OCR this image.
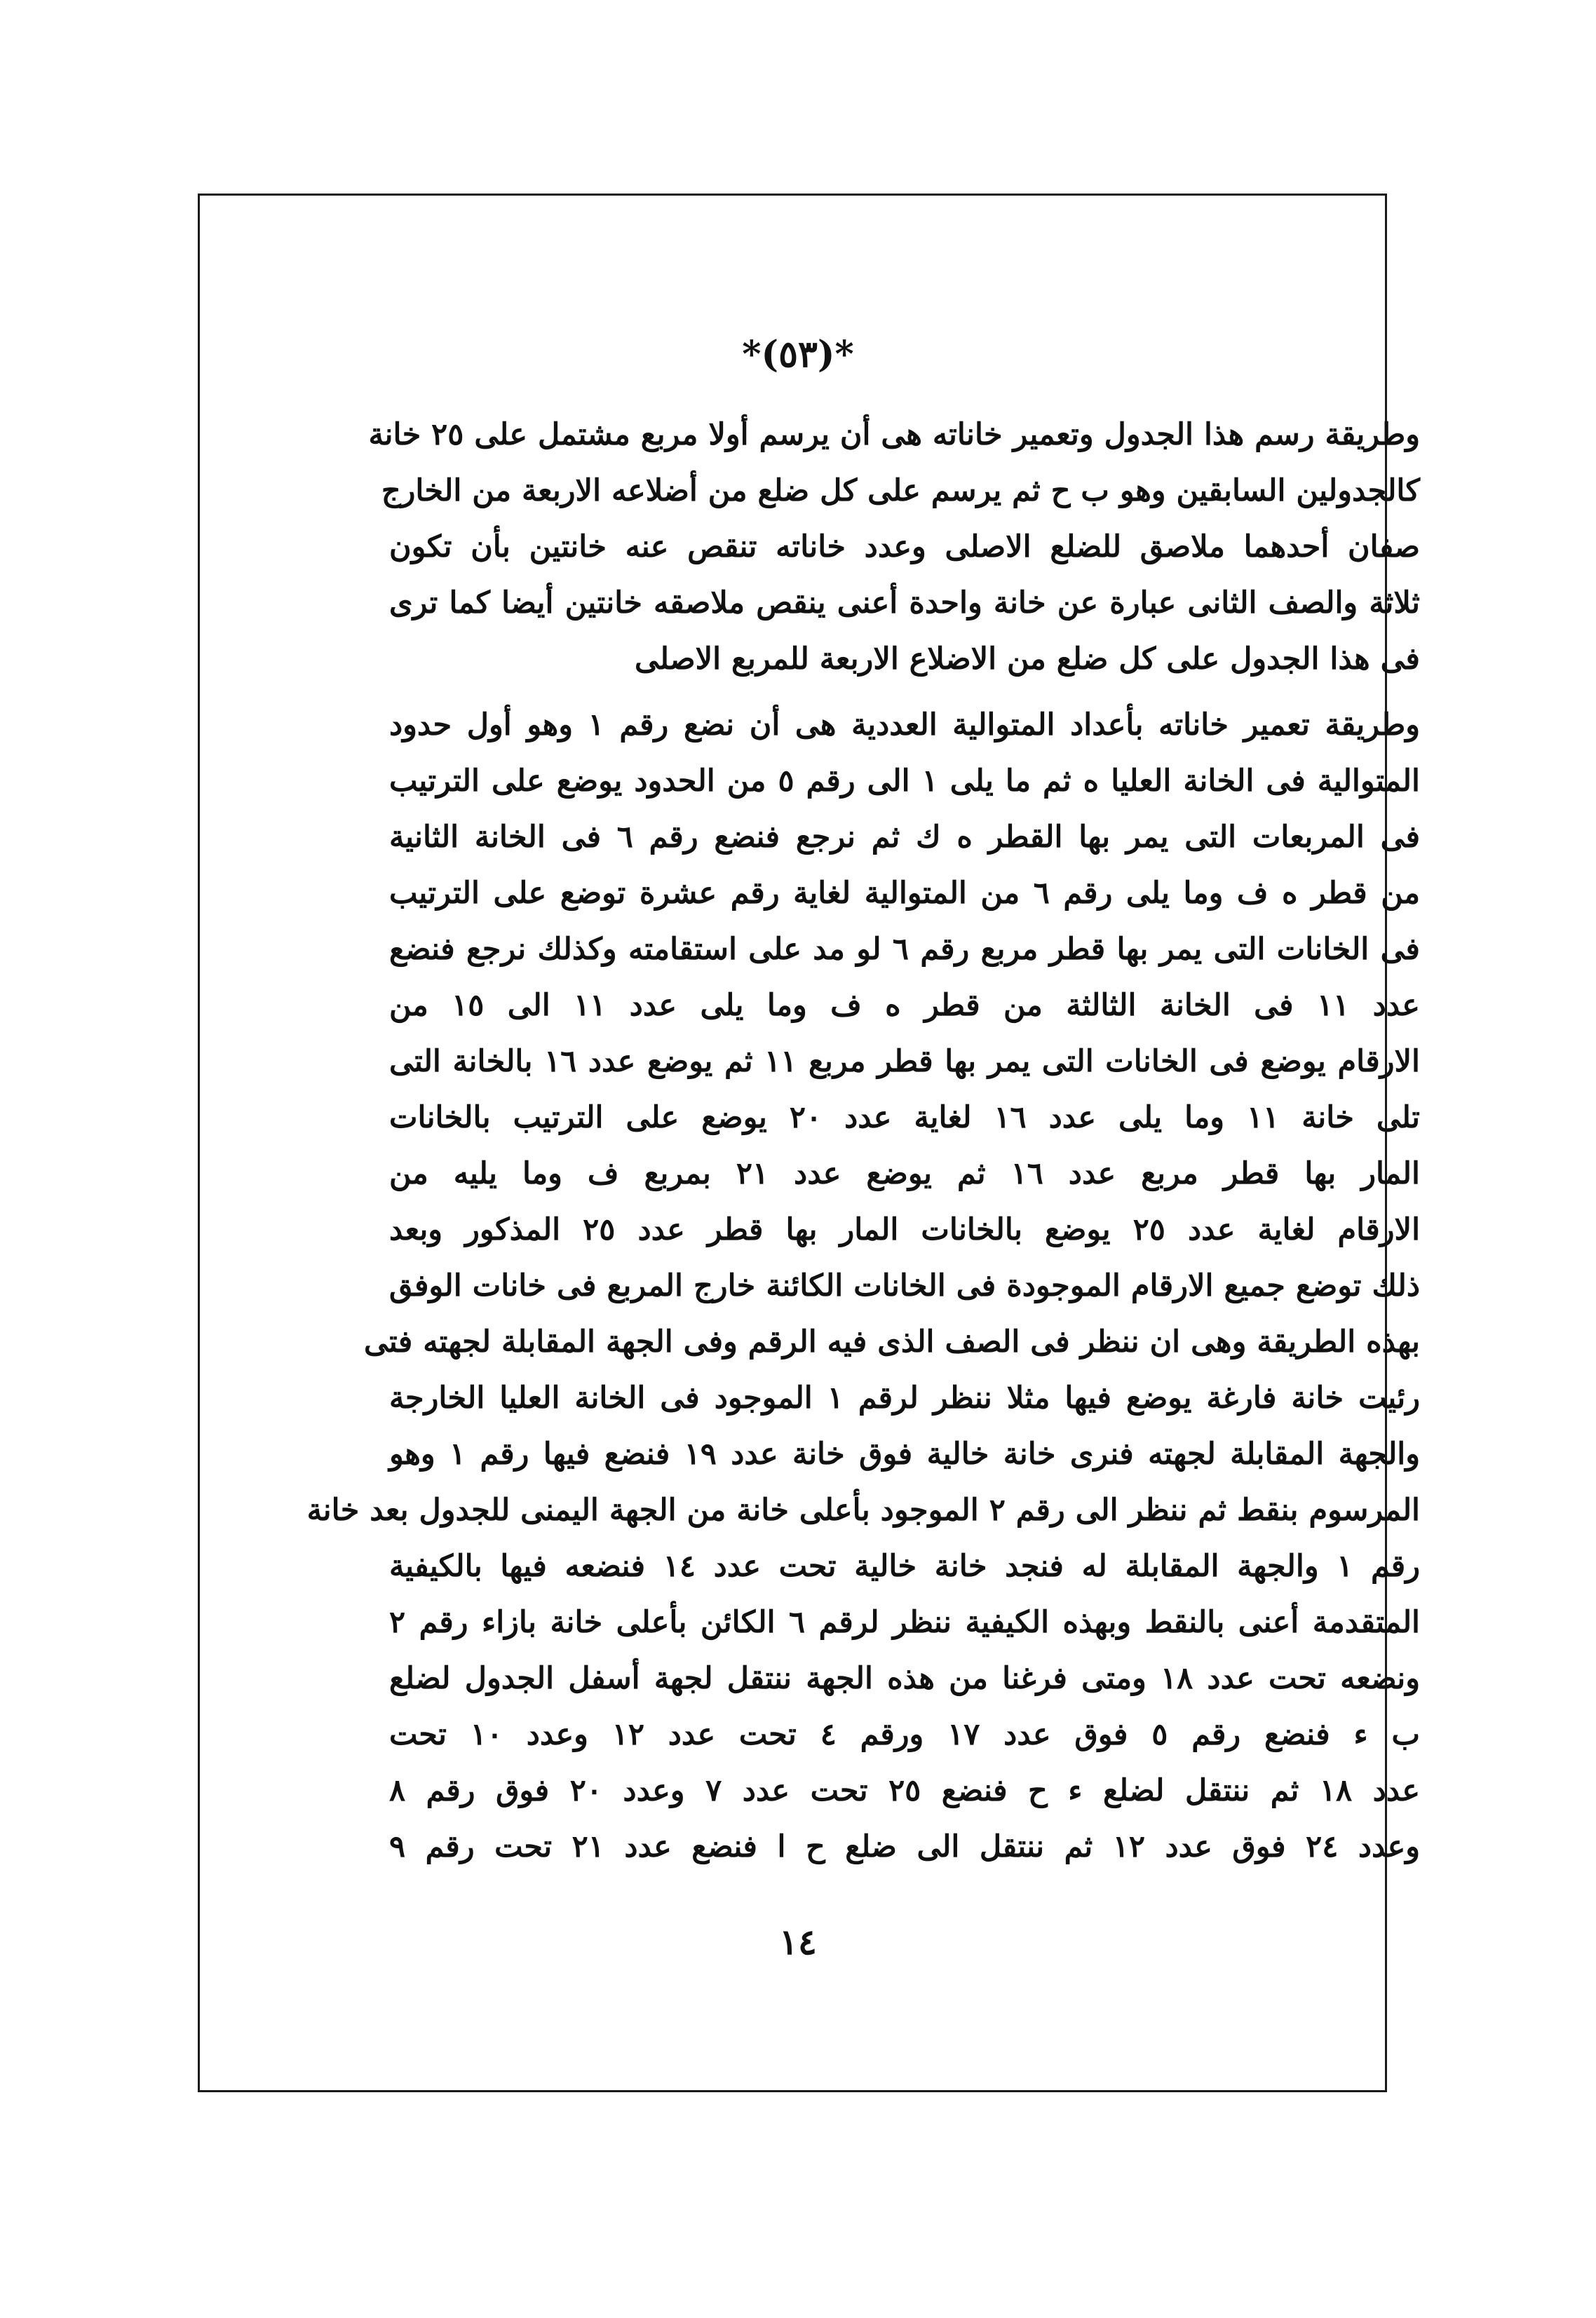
*(٥٣)*
وطريقة رسم هذا الجدول وتعمير خاناته هى أن يرسم أولا مربع مشتمل على ٢٥ خانة
كالجدولين السابقين وهو ب ح ثم يرسم على كل ضلع من أضلاعه الاربعة من الخارج
صفان أحدهما ملاصق للضلع الاصلى وعدد خاناته تنقص عنه خانتين بأن تكون
ثلاثة والصف الثانى عبارة عن خانة واحدة أعنى ينقص ملاصقه خانتين أيضا كما ترى
فى هذا الجدول على كل ضلع من الاضلاع الاربعة للمربع الاصلى
وطريقة تعمير خاناته بأعداد المتوالية العددية هى أن نضع رقم ١ وهو أول حدود
المتوالية فى الخانة العليا ه ثم ما يلى ١ الى رقم ٥ من الحدود يوضع على الترتيب
فى المربعات التى يمر بها القطر ه ك ثم نرجع فنضع رقم ٦ فى الخانة الثانية
من قطر ه ف وما يلى رقم ٦ من المتوالية لغاية رقم عشرة توضع على الترتيب
فى الخانات التى يمر بها قطر مربع رقم ٦ لو مد على استقامته وكذلك نرجع فنضع
عدد ١١ فى الخانة الثالثة من قطر ه ف وما يلى عدد ١١ الى ١٥ من
الارقام يوضع فى الخانات التى يمر بها قطر مربع ١١ ثم يوضع عدد ١٦ بالخانة التى
تلى خانة ١١ وما يلى عدد ١٦ لغاية عدد ٢٠ يوضع على الترتيب بالخانات
المار بها قطر مربع عدد ١٦ ثم يوضع عدد ٢١ بمربع ف وما يليه من
الارقام لغاية عدد ٢٥ يوضع بالخانات المار بها قطر عدد ٢٥ المذكور وبعد
ذلك توضع جميع الارقام الموجودة فى الخانات الكائنة خارج المربع فى خانات الوفق
بهذه الطريقة وهى ان ننظر فى الصف الذى فيه الرقم وفى الجهة المقابلة لجهته فتى
رئيت خانة فارغة يوضع فيها مثلا ننظر لرقم ١ الموجود فى الخانة العليا الخارجة
والجهة المقابلة لجهته فنرى خانة خالية فوق خانة عدد ١٩ فنضع فيها رقم ١ وهو
المرسوم بنقط ثم ننظر الى رقم ٢ الموجود بأعلى خانة من الجهة اليمنى للجدول بعد خانة
رقم ١ والجهة المقابلة له فنجد خانة خالية تحت عدد ١٤ فنضعه فيها بالكيفية
المتقدمة أعنى بالنقط وبهذه الكيفية ننظر لرقم ٦ الكائن بأعلى خانة بازاء رقم ٢
ونضعه تحت عدد ١٨ ومتى فرغنا من هذه الجهة ننتقل لجهة أسفل الجدول لضلع
ب ء فنضع رقم ٥ فوق عدد ١٧ ورقم ٤ تحت عدد ١٢ وعدد ١٠ تحت
عدد ١٨ ثم ننتقل لضلع ء ح فنضع ٢٥ تحت عدد ٧ وعدد ٢٠ فوق رقم ٨
وعدد ٢٤ فوق عدد ١٢ ثم ننتقل الى ضلع ح ا فنضع عدد ٢١ تحت رقم ٩
١٤
